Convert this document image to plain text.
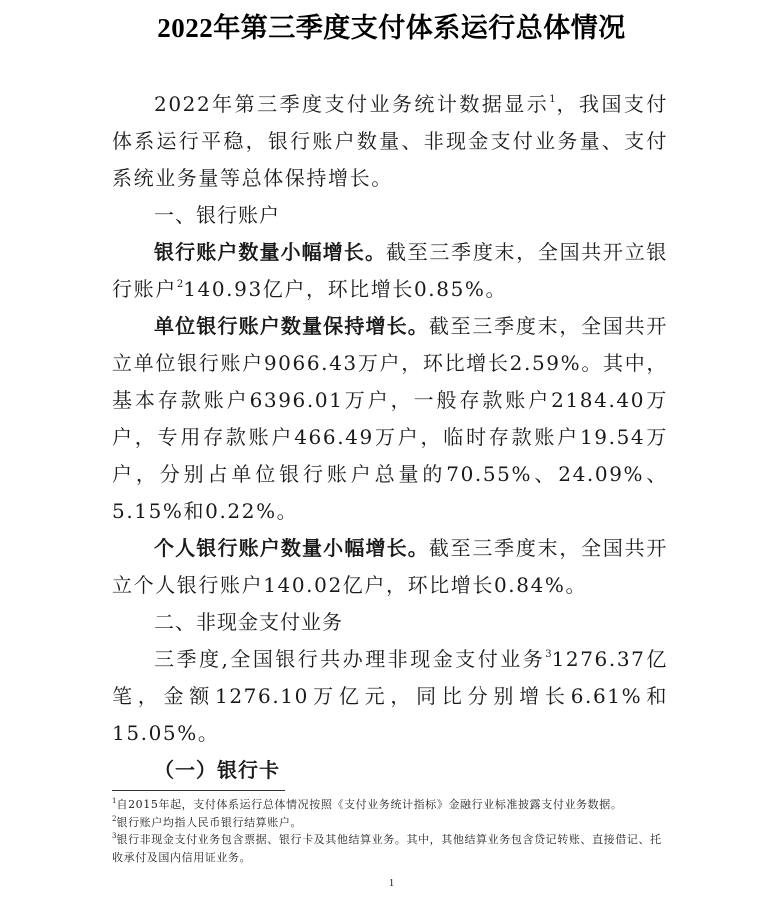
2022年第三季度支付体系运行总体情况

2022年第三季度支付业务统计数据显示$^1$，我国支付体系运行平稳，银行账户数量、非现金支付业务量、支付系统业务量等总体保持增长。

一、银行账户

银行账户数量小幅增长。截至三季度末，全国共开立银行账户$^2$140.93亿户，环比增长0.85%。

单位银行账户数量保持增长。截至三季度末，全国共开立单位银行账户9066.43万户，环比增长2.59%。其中，基本存款账户6396.01万户，一般存款账户2184.40万户，专用存款账户466.49万户，临时存款账户19.54万户，分别占单位银行账户总量的70.55%、24.09%、5.15%和0.22%。

个人银行账户数量小幅增长。截至三季度末，全国共开立个人银行账户140.02亿户，环比增长0.84%。

二、非现金支付业务

三季度,全国银行共办理非现金支付业务$^3$1276.37亿笔，金额1276.10万亿元，同比分别增长6.61%和15.05%。

（一）银行卡

$^1$自2015年起，支付体系运行总体情况按照《支付业务统计指标》金融行业标准披露支付业务数据。

$^2$银行账户均指人民币银行结算账户。

$^3$银行非现金支付业务包含票据、银行卡及其他结算业务。其中，其他结算业务包含贷记转账、直接借记、托收承付及国内信用证业务。

1
